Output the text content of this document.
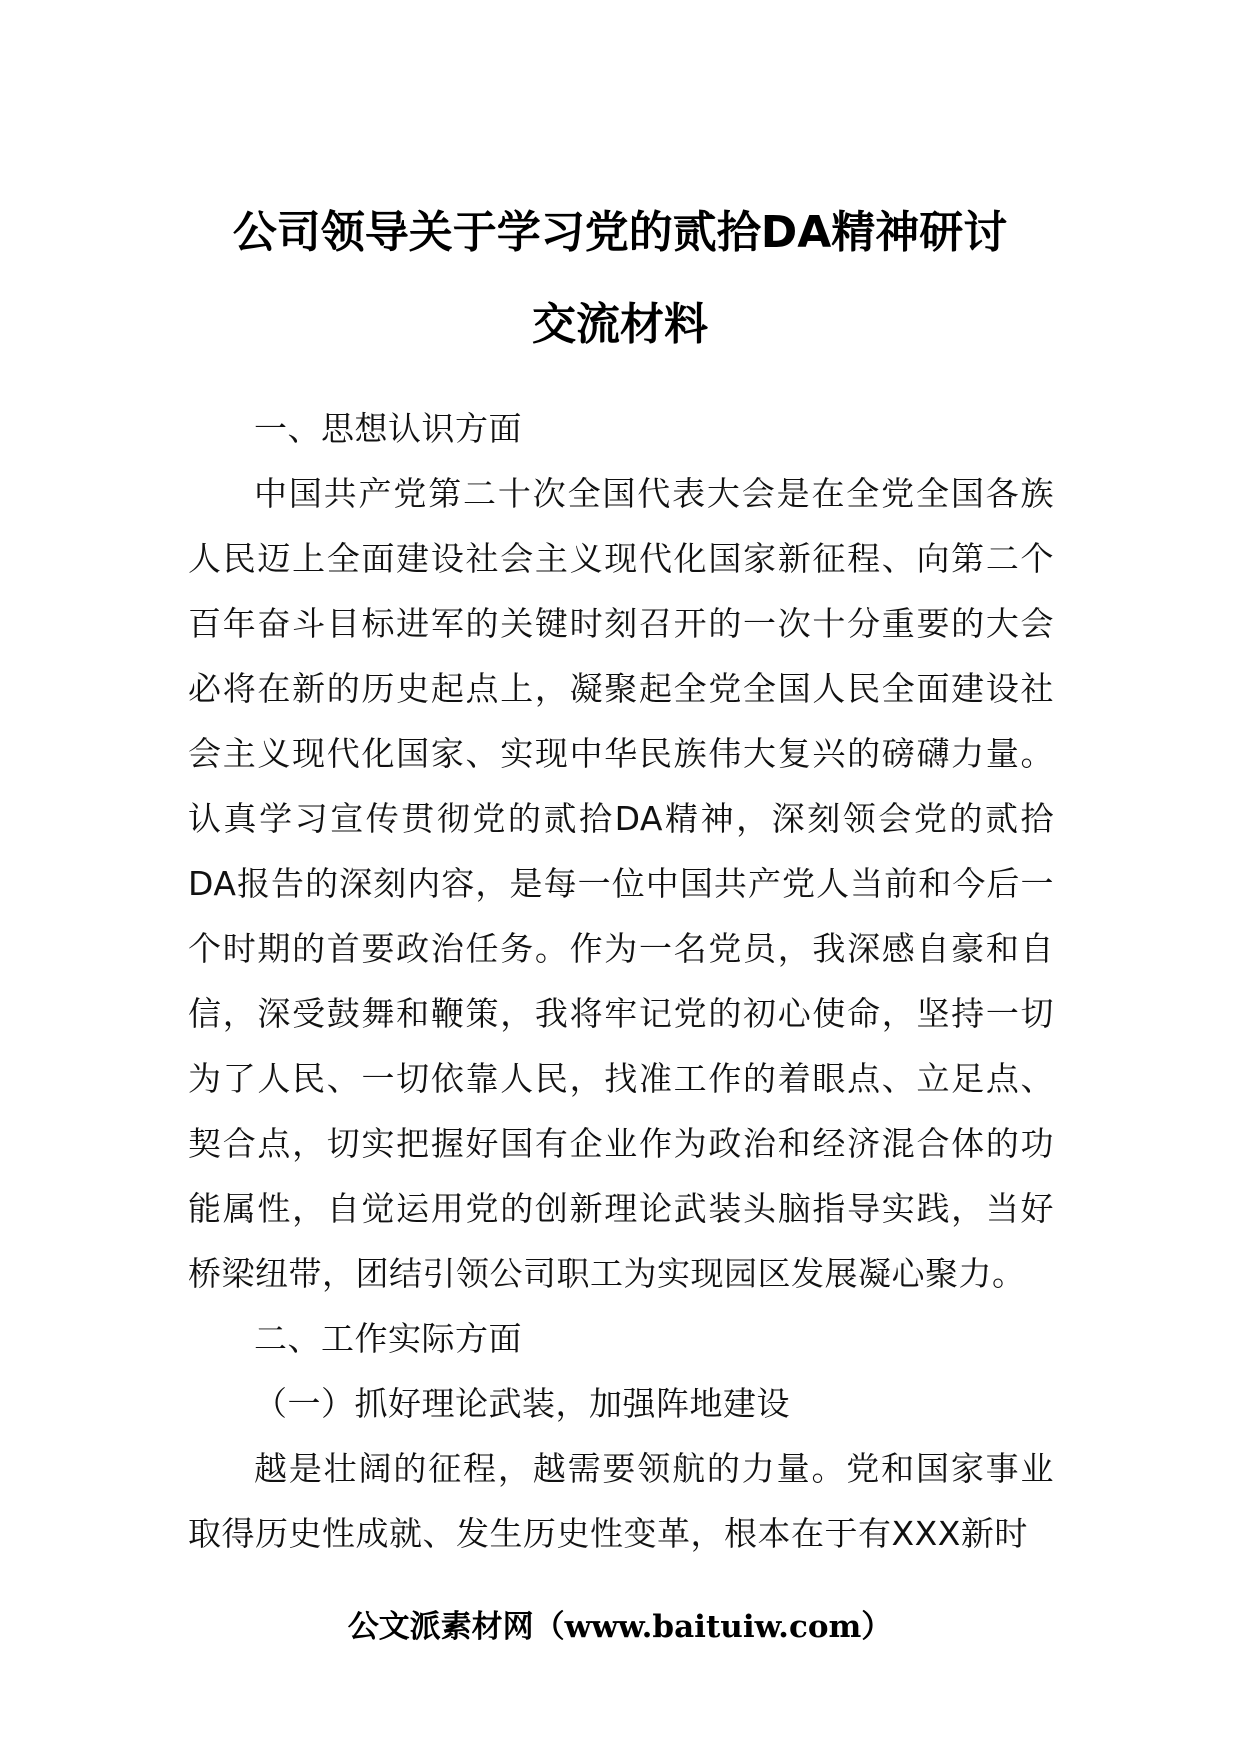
公司领导关于学习党的贰拾DA精神研讨
交流材料

一、思想认识方面

中国共产党第二十次全国代表大会是在全党全国各族人民迈上全面建设社会主义现代化国家新征程、向第二个百年奋斗目标进军的关键时刻召开的一次十分重要的大会必将在新的历史起点上，凝聚起全党全国人民全面建设社会主义现代化国家、实现中华民族伟大复兴的磅礴力量。认真学习宣传贯彻党的贰拾DA精神，深刻领会党的贰拾DA报告的深刻内容，是每一位中国共产党人当前和今后一个时期的首要政治任务。作为一名党员，我深感自豪和自信，深受鼓舞和鞭策，我将牢记党的初心使命，坚持一切为了人民、一切依靠人民，找准工作的着眼点、立足点、契合点，切实把握好国有企业作为政治和经济混合体的功能属性，自觉运用党的创新理论武装头脑指导实践，当好桥梁纽带，团结引领公司职工为实现园区发展凝心聚力。

二、工作实际方面

（一）抓好理论武装，加强阵地建设

越是壮阔的征程，越需要领航的力量。党和国家事业取得历史性成就、发生历史性变革，根本在于有XXX新时

公文派素材网（www.baituiw.com）
